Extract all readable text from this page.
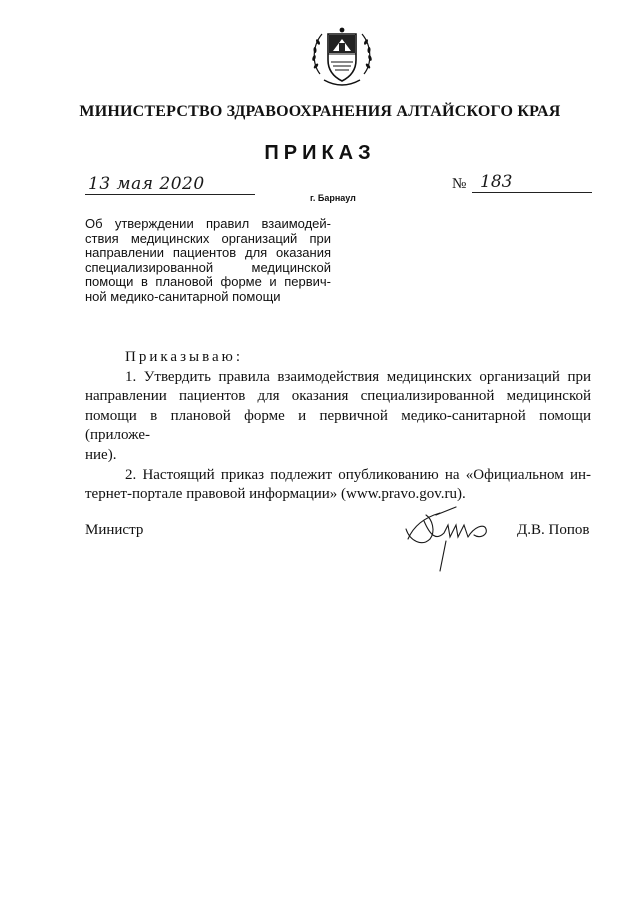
МИНИСТЕРСТВО ЗДРАВООХРАНЕНИЯ АЛТАЙСКОГО КРАЯ
ПРИКАЗ
13 мая 2020
г. Барнаул
№ 183
Об утверждении правил взаимодей-
ствия медицинских организаций при
направлении пациентов для оказания
специализированной медицинской
помощи в плановой форме и первич-
ной медико-санитарной помощи
Приказываю:
1. Утвердить правила взаимодействия медицинских организаций при
направлении пациентов для оказания специализированной медицинской
помощи в плановой форме и первичной медико-санитарной помощи (приложе-
ние).
2. Настоящий приказ подлежит опубликованию на «Официальном ин-
тернет-портале правовой информации» (www.pravo.gov.ru).
Министр	Д.В. Попов
